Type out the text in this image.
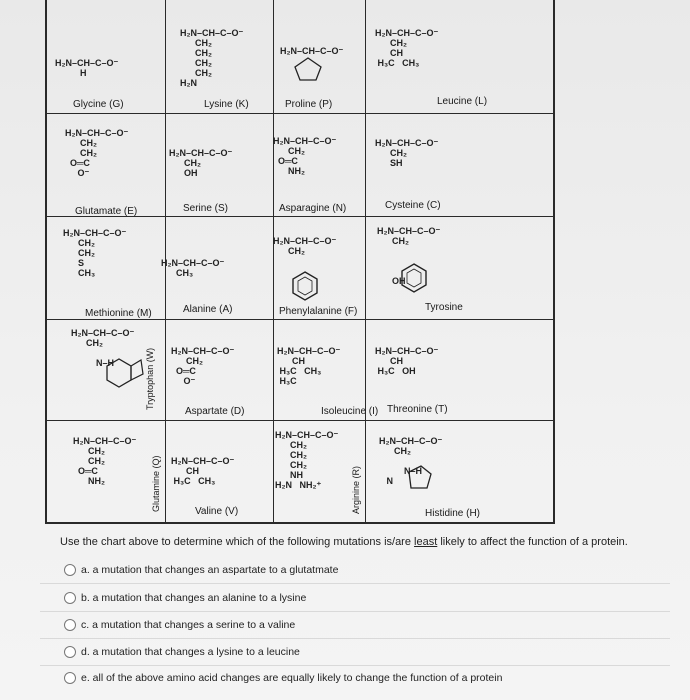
H₂N–CH–C–O⁻
H
Glycine (G)
H₂N–CH–C–O⁻
CH₂
CH₂
CH₂
CH₂
H₂N
Lysine (K)
H₂N–CH–C–O⁻
Proline (P)
H₂N–CH–C–O⁻
CH₂
CH
H₃C   CH₃
Leucine (L)
H₂N–CH–C–O⁻
CH₂
CH₂
O═C
O⁻
Glutamate (E)
H₂N–CH–C–O⁻
CH₂
OH
Serine (S)
H₂N–CH–C–O⁻
CH₂
O═C
NH₂
Asparagine (N)
H₂N–CH–C–O⁻
CH₂
SH
Cysteine (C)
H₂N–CH–C–O⁻
CH₂
CH₂
S
CH₃
Methionine (M)
H₂N–CH–C–O⁻
CH₃
Alanine (A)
H₂N–CH–C–O⁻
CH₂
Phenylalanine (F)
H₂N–CH–C–O⁻
CH₂

OH
Tyrosine
H₂N–CH–C–O⁻
CH₂

N–H	Tryptophan (W) H₂N–CH–C–O⁻
CH₂
O═C
O⁻
Aspartate (D)
H₂N–CH–C–O⁻
CH
H₃C   CH₃
H₃C
Isoleucine (I)
H₂N–CH–C–O⁻
CH
H₃C   OH
Threonine (T)
H₂N–CH–C–O⁻
CH₂
CH₂
O═C
NH₂	Glutamine (Q) H₂N–CH–C–O⁻
CH
H₃C   CH₃
Valine (V)
H₂N–CH–C–O⁻
CH₂
CH₂
CH₂
NH
H₂N   NH₂⁺	Arginine (R)
H₂N–CH–C–O⁻
CH₂

N–H
N
Histidine (H)
Use the chart above to determine which of the following mutations is/are least likely to affect the function of a protein.
a. a mutation that changes an aspartate to a glutatmate
b. a mutation that changes an alanine to a lysine
c. a mutation that changes a serine to a valine
d. a mutation that changes a lysine to a leucine
e. all of the above amino acid changes are equally likely to change the function of a protein
